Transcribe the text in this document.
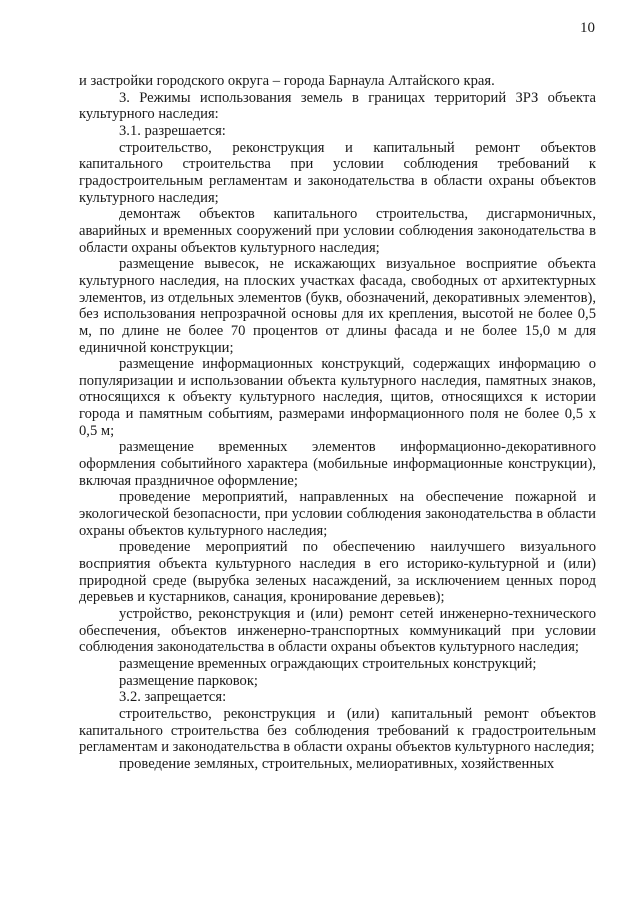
10

и застройки городского округа – города Барнаула Алтайского края.

3. Режимы использования земель в границах территорий ЗРЗ объекта культурного наследия:

3.1. разрешается:

строительство, реконструкция и капитальный ремонт объектов капитального строительства при условии соблюдения требований к градостроительным регламентам и законодательства в области охраны объектов культурного наследия;

демонтаж объектов капитального строительства, дисгармоничных, аварийных и временных сооружений при условии соблюдения законодательства в области охраны объектов культурного наследия;

размещение вывесок, не искажающих визуальное восприятие объекта культурного наследия, на плоских участках фасада, свободных от архитектурных элементов, из отдельных элементов (букв, обозначений, декоративных элементов), без использования непрозрачной основы для их крепления, высотой не более 0,5 м, по длине не более 70 процентов от длины фасада и не более 15,0 м для единичной конструкции;

размещение информационных конструкций, содержащих информацию о популяризации и использовании объекта культурного наследия, памятных знаков, относящихся к объекту культурного наследия, щитов, относящихся к истории города и памятным событиям, размерами информационного поля не более 0,5 х 0,5 м;

размещение временных элементов информационно-декоративного оформления событийного характера (мобильные информационные конструкции), включая праздничное оформление;

проведение мероприятий, направленных на обеспечение пожарной и экологической безопасности, при условии соблюдения законодательства в области охраны объектов культурного наследия;

проведение мероприятий по обеспечению наилучшего визуального восприятия объекта культурного наследия в его историко-культурной и (или) природной среде (вырубка зеленых насаждений, за исключением ценных пород деревьев и кустарников, санация, кронирование деревьев);

устройство, реконструкция и (или) ремонт сетей инженерно-технического обеспечения, объектов инженерно-транспортных коммуникаций при условии соблюдения законодательства в области охраны объектов культурного наследия;

размещение временных ограждающих строительных конструкций;

размещение парковок;

3.2. запрещается:

строительство, реконструкция и (или) капитальный ремонт объектов капитального строительства без соблюдения требований к градостроительным регламентам и законодательства в области охраны объектов культурного наследия;

проведение земляных, строительных, мелиоративных, хозяйственных
